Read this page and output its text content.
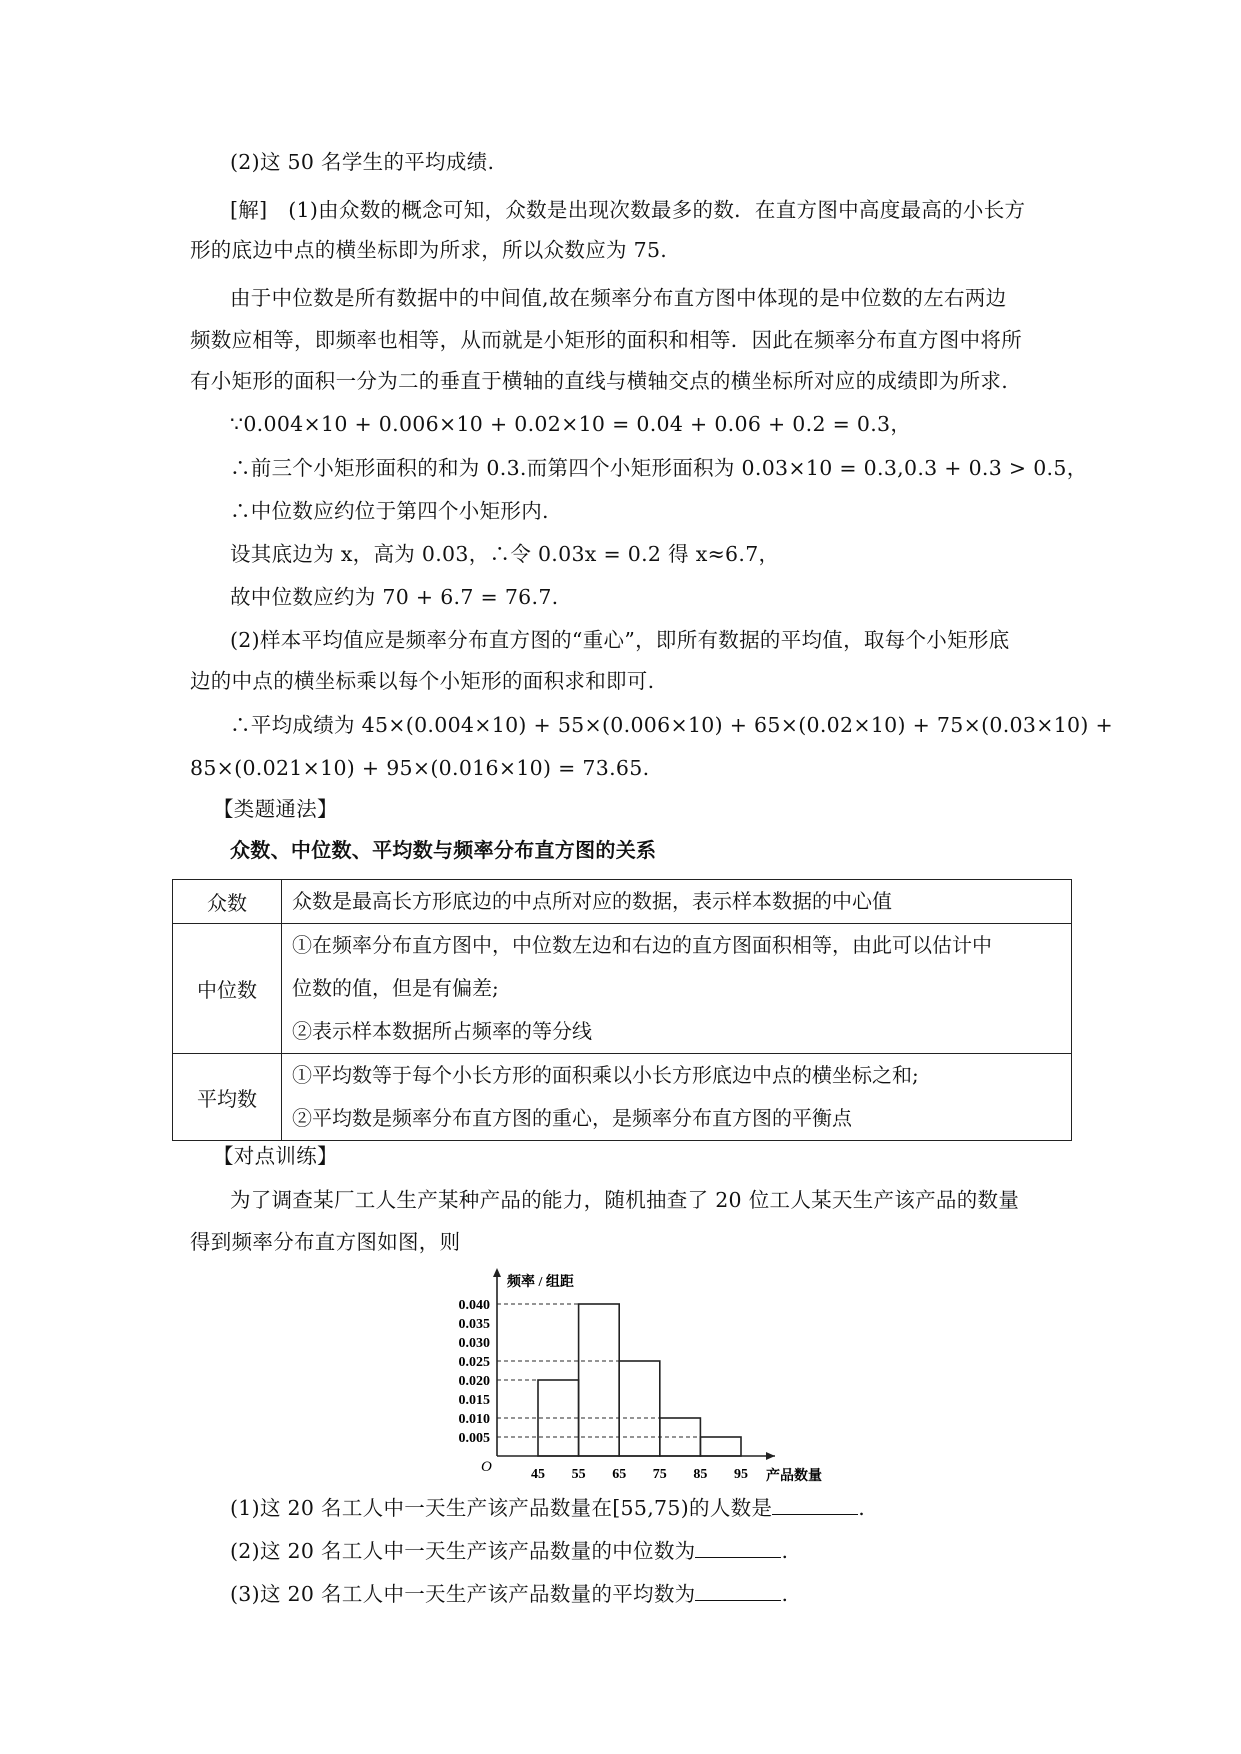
(2)这 50 名学生的平均成绩.
[解]　(1)由众数的概念可知，众数是出现次数最多的数．在直方图中高度最高的小长方
形的底边中点的横坐标即为所求，所以众数应为 75.
由于中位数是所有数据中的中间值,故在频率分布直方图中体现的是中位数的左右两边
频数应相等，即频率也相等，从而就是小矩形的面积和相等．因此在频率分布直方图中将所
有小矩形的面积一分为二的垂直于横轴的直线与横轴交点的横坐标所对应的成绩即为所求.
∵0.004×10 + 0.006×10 + 0.02×10 = 0.04 + 0.06 + 0.2 = 0.3，
∴前三个小矩形面积的和为 0.3.而第四个小矩形面积为 0.03×10 = 0.3,0.3 + 0.3 > 0.5，
∴中位数应约位于第四个小矩形内.
设其底边为 x，高为 0.03，∴令 0.03x = 0.2 得 x≈6.7，
故中位数应约为 70 + 6.7 = 76.7.
(2)样本平均值应是频率分布直方图的“重心”，即所有数据的平均值，取每个小矩形底
边的中点的横坐标乘以每个小矩形的面积求和即可.
∴平均成绩为 45×(0.004×10) + 55×(0.006×10) + 65×(0.02×10) + 75×(0.03×10) +
85×(0.021×10) + 95×(0.016×10) = 73.65.
【类题通法】
众数、中位数、平均数与频率分布直方图的关系
众数	众数是最高长方形底边的中点所对应的数据，表示样本数据的中心值

中位数	①在频率分布直方图中，中位数左边和右边的直方图面积相等，由此可以估计中
位数的值，但是有偏差;
②表示样本数据所占频率的等分线

平均数	①平均数等于每个小长方形的面积乘以小长方形底边中点的横坐标之和;
②平均数是频率分布直方图的重心，是频率分布直方图的平衡点
【对点训练】
为了调查某厂工人生产某种产品的能力，随机抽查了 20 位工人某天生产该产品的数量
得到频率分布直方图如图，则
0.005
0.010
0.015
0.020
0.025
0.030
0.035
0.040
45 55 65 75 85 95
O
频率 / 组距
产品数量
(1)这 20 名工人中一天生产该产品数量在[55,75)的人数是	.
(2)这 20 名工人中一天生产该产品数量的中位数为	.
(3)这 20 名工人中一天生产该产品数量的平均数为	.
